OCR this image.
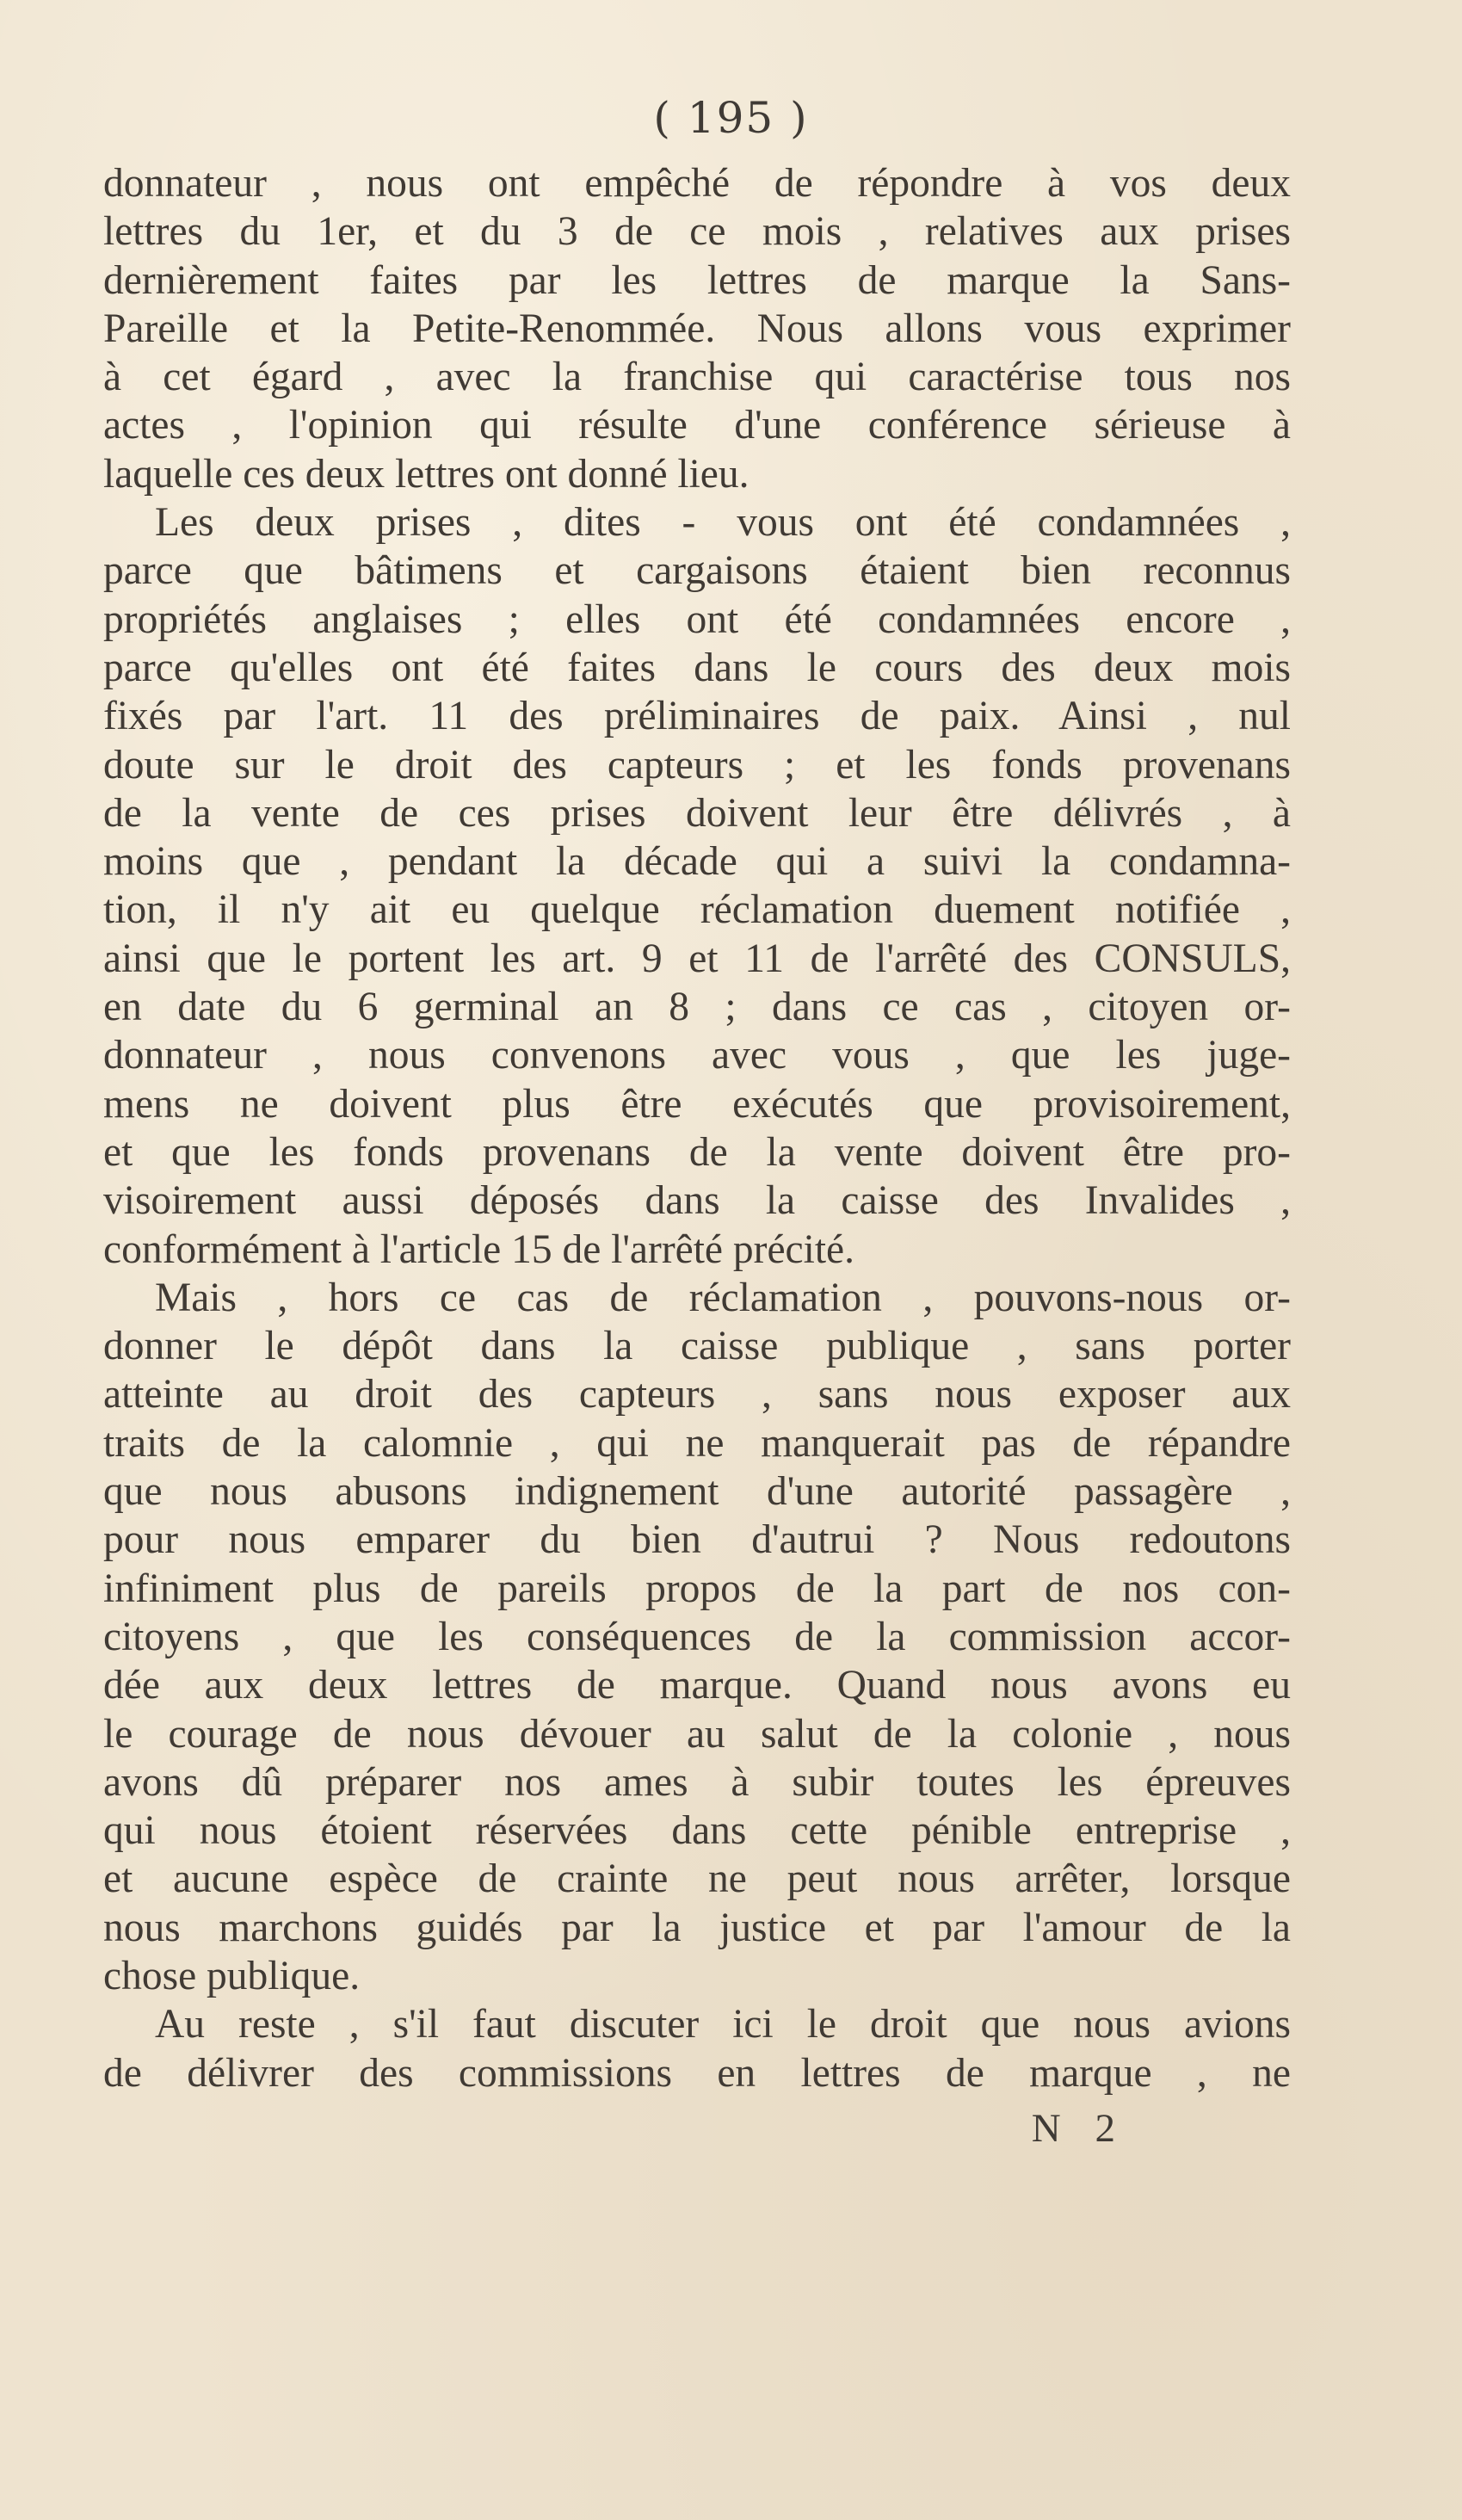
( 195 )
donnateur , nous ont empêché de répondre à vos deux
lettres du 1er, et du 3 de ce mois , relatives aux prises
dernièrement faites par les lettres de marque la Sans-
Pareille et la Petite-Renommée. Nous allons vous exprimer
à cet égard , avec la franchise qui caractérise tous nos
actes , l'opinion qui résulte d'une conférence sérieuse à
laquelle ces deux lettres ont donné lieu.
Les deux prises , dites - vous ont été condamnées ,
parce que bâtimens et cargaisons étaient bien reconnus
propriétés anglaises ; elles ont été condamnées encore ,
parce qu'elles ont été faites dans le cours des deux mois
fixés par l'art. 11 des préliminaires de paix. Ainsi , nul
doute sur le droit des capteurs ; et les fonds provenans
de la vente de ces prises doivent leur être délivrés , à
moins que , pendant la décade qui a suivi la condamna-
tion, il n'y ait eu quelque réclamation duement notifiée ,
ainsi que le portent les art. 9 et 11 de l'arrêté des CONSULS,
en date du 6 germinal an 8 ; dans ce cas , citoyen or-
donnateur , nous convenons avec vous , que les juge-
mens ne doivent plus être exécutés que provisoirement,
et que les fonds provenans de la vente doivent être pro-
visoirement aussi déposés dans la caisse des Invalides ,
conformément à l'article 15 de l'arrêté précité.
Mais , hors ce cas de réclamation , pouvons-nous or-
donner le dépôt dans la caisse publique , sans porter
atteinte au droit des capteurs , sans nous exposer aux
traits de la calomnie , qui ne manquerait pas de répandre
que nous abusons indignement d'une autorité passagère ,
pour nous emparer du bien d'autrui ? Nous redoutons
infiniment plus de pareils propos de la part de nos con-
citoyens , que les conséquences de la commission accor-
dée aux deux lettres de marque. Quand nous avons eu
le courage de nous dévouer au salut de la colonie , nous
avons dû préparer nos ames à subir toutes les épreuves
qui nous étoient réservées dans cette pénible entreprise ,
et aucune espèce de crainte ne peut nous arrêter, lorsque
nous marchons guidés par la justice et par l'amour de la
chose publique.
Au reste , s'il faut discuter ici le droit que nous avions
de délivrer des commissions en lettres de marque , ne
N 2
